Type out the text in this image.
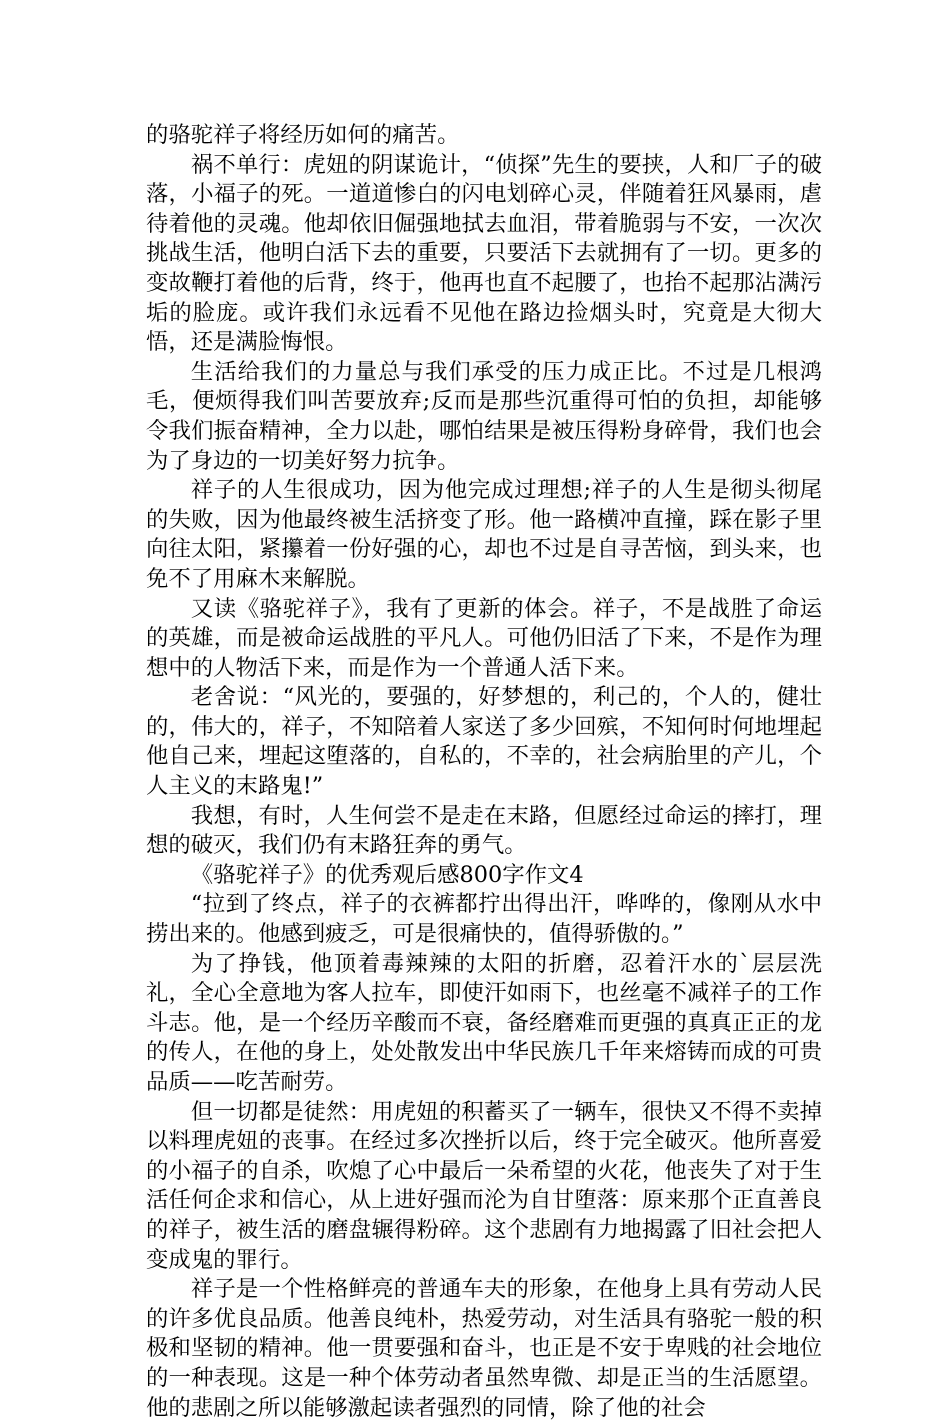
的骆驼祥子将经历如何的痛苦。

祸不单行：虎妞的阴谋诡计，“侦探”先生的要挟，人和厂子的破落，小福子的死。一道道惨白的闪电划碎心灵，伴随着狂风暴雨，虐待着他的灵魂。他却依旧倔强地拭去血泪，带着脆弱与不安，一次次挑战生活，他明白活下去的重要，只要活下去就拥有了一切。更多的变故鞭打着他的后背，终于，他再也直不起腰了，也抬不起那沾满污垢的脸庞。或许我们永远看不见他在路边捡烟头时，究竟是大彻大悟，还是满脸悔恨。

生活给我们的力量总与我们承受的压力成正比。不过是几根鸿毛，便烦得我们叫苦要放弃;反而是那些沉重得可怕的负担，却能够令我们振奋精神，全力以赴，哪怕结果是被压得粉身碎骨，我们也会为了身边的一切美好努力抗争。

祥子的人生很成功，因为他完成过理想;祥子的人生是彻头彻尾的失败，因为他最终被生活挤变了形。他一路横冲直撞，踩在影子里向往太阳，紧攥着一份好强的心，却也不过是自寻苦恼，到头来，也免不了用麻木来解脱。

又读《骆驼祥子》，我有了更新的体会。祥子，不是战胜了命运的英雄，而是被命运战胜的平凡人。可他仍旧活了下来，不是作为理想中的人物活下来，而是作为一个普通人活下来。

老舍说：“风光的，要强的，好梦想的，利己的，个人的，健壮的，伟大的，祥子，不知陪着人家送了多少回殡，不知何时何地埋起他自己来，埋起这堕落的，自私的，不幸的，社会病胎里的产儿，个人主义的末路鬼!”

我想，有时，人生何尝不是走在末路，但愿经过命运的摔打，理想的破灭，我们仍有末路狂奔的勇气。

《骆驼祥子》的优秀观后感800字作文4

“拉到了终点，祥子的衣裤都拧出得出汗，哗哗的，像刚从水中捞出来的。他感到疲乏，可是很痛快的，值得骄傲的。”

为了挣钱，他顶着毒辣辣的太阳的折磨，忍着汗水的`层层洗礼，全心全意地为客人拉车，即使汗如雨下，也丝毫不减祥子的工作斗志。他，是一个经历辛酸而不衰，备经磨难而更强的真真正正的龙的传人，在他的身上，处处散发出中华民族几千年来熔铸而成的可贵品质——吃苦耐劳。

但一切都是徒然：用虎妞的积蓄买了一辆车，很快又不得不卖掉以料理虎妞的丧事。在经过多次挫折以后，终于完全破灭。他所喜爱的小福子的自杀，吹熄了心中最后一朵希望的火花，他丧失了对于生活任何企求和信心，从上进好强而沦为自甘堕落：原来那个正直善良的祥子，被生活的磨盘辗得粉碎。这个悲剧有力地揭露了旧社会把人变成鬼的罪行。

祥子是一个性格鲜亮的普通车夫的形象，在他身上具有劳动人民的许多优良品质。他善良纯朴，热爱劳动，对生活具有骆驼一般的积极和坚韧的精神。他一贯要强和奋斗，也正是不安于卑贱的社会地位的一种表现。这是一种个体劳动者虽然卑微、却是正当的生活愿望。他的悲剧之所以能够激起读者强烈的同情，除了他的社会
